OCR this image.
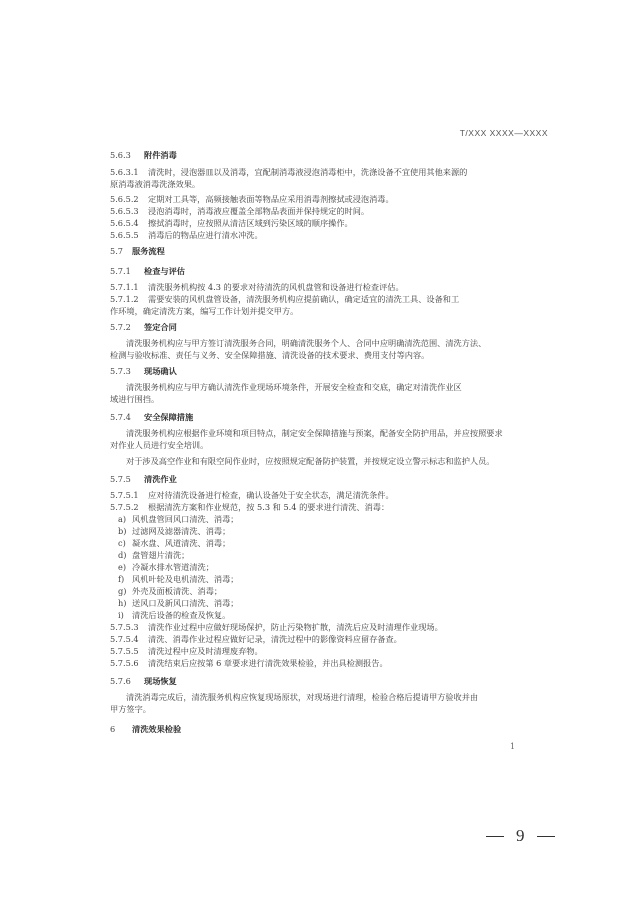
T/XXX XXXX—XXXX
5.6.3 附件消毒
5.6.3.1 清洗时，浸泡器皿以及消毒，宜配制消毒液浸泡消毒柜中，洗涤设备不宜使用其他来源的
原消毒液消毒洗涤效果。
5.6.5.2 定期对工具等，高频接触表面等物品应采用消毒剂擦拭或浸泡消毒。
5.6.5.3 浸泡消毒时，消毒液应覆盖全部物品表面并保持规定的时间。
5.6.5.4 擦拭消毒时，应按照从清洁区域到污染区域的顺序操作。
5.6.5.5 消毒后的物品应进行清水冲洗。
5.7 服务流程
5.7.1 检查与评估
5.7.1.1 清洗服务机构按 4.3 的要求对待清洗的风机盘管和设备进行检查评估。
5.7.1.2 需要安装的风机盘管设备，清洗服务机构应提前确认，确定适宜的清洗工具、设备和工
作环境，确定清洗方案，编写工作计划并提交甲方。
5.7.2 签定合同
清洗服务机构应与甲方签订清洗服务合同，明确清洗服务个人、合同中应明确清洗范围、清洗方法、
检测与验收标准、责任与义务、安全保障措施、清洗设备的技术要求、费用支付等内容。
5.7.3 现场确认
清洗服务机构应与甲方确认清洗作业现场环境条件，开展安全检查和交底，确定对清洗作业区
域进行围挡。
5.7.4 安全保障措施
清洗服务机构应根据作业环境和项目特点，制定安全保障措施与预案，配备安全防护用品，并应按照要求
对作业人员进行安全培训。
对于涉及高空作业和有限空间作业时，应按照规定配备防护装置，并按规定设立警示标志和监护人员。
5.7.5 清洗作业
5.7.5.1 应对待清洗设备进行检查，确认设备处于安全状态，满足清洗条件。
5.7.5.2 根据清洗方案和作业规范，按 5.3 和 5.4 的要求进行清洗、消毒：
a) 风机盘管回风口清洗、消毒；
b) 过滤网及滤器清洗、消毒；
c) 凝水盘、风道清洗、消毒；
d) 盘管翅片清洗；
e) 冷凝水排水管道清洗；
f) 风机叶轮及电机清洗、消毒；
g) 外壳及面板清洗、消毒；
h) 送风口及新风口清洗、消毒；
i) 清洗后设备的检查及恢复。
5.7.5.3 清洗作业过程中应做好现场保护，防止污染物扩散，清洗后应及时清理作业现场。
5.7.5.4 清洗、消毒作业过程应做好记录，清洗过程中的影像资料应留存备查。
5.7.5.5 清洗过程中应及时清理废弃物。
5.7.5.6 清洗结束后应按第 6 章要求进行清洗效果检验，并出具检测报告。
5.7.6 现场恢复
清洗消毒完成后，清洗服务机构应恢复现场原状，对现场进行清理，检验合格后提请甲方验收并由
甲方签字。
6 清洗效果检验
1
9
